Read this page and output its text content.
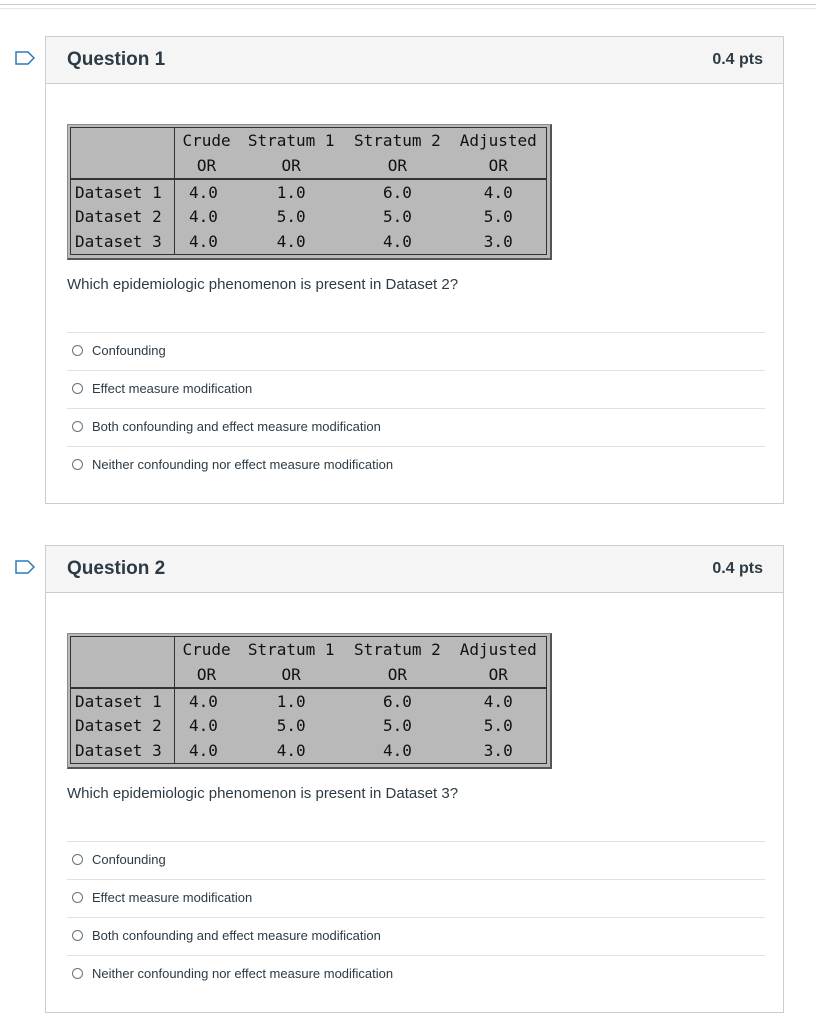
Question 1	0.4 pts
	Crude	Stratum 1	Stratum 2	Adjusted
	OR	OR	OR	OR
Dataset 1	4.0	1.0	6.0	4.0
Dataset 2	4.0	5.0	5.0	5.0
Dataset 3	4.0	4.0	4.0	3.0
Which epidemiologic phenomenon is present in Dataset 2?
Confounding
Effect measure modification
Both confounding and effect measure modification
Neither confounding nor effect measure modification
Question 2	0.4 pts
	Crude	Stratum 1	Stratum 2	Adjusted
	OR	OR	OR	OR
Dataset 1	4.0	1.0	6.0	4.0
Dataset 2	4.0	5.0	5.0	5.0
Dataset 3	4.0	4.0	4.0	3.0
Which epidemiologic phenomenon is present in Dataset 3?
Confounding
Effect measure modification
Both confounding and effect measure modification
Neither confounding nor effect measure modification
